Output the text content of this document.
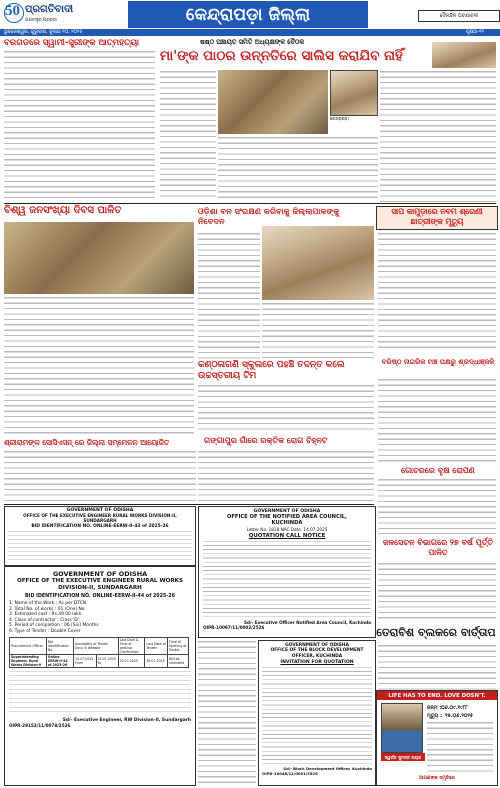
50 ପ୍ରଗତିବାଦୀ
ଗଣତନ୍ତ୍ର ପ୍ରହରୀ	କେନ୍ଦ୍ରାପଡ଼ା ଜିଲ୍ଲା	ଦୈନନ୍ଦିନ ଘଟଣାବଳୀ
ଭୁବନେଶ୍ୱର, ଗୁରୁବାର, ଜୁଲାଇ ୧୦, ୨୦୨୫	ପୃଷ୍ଠା-୧୨
ବରଗଡରେ ସ୍ୱାମୀ-ସ୍ତ୍ରୀଙ୍କ ଆତ୍ମହତ୍ୟା	ଷଷ୍ଠ ପଞ୍ଚାୟତ ସମିତି ଅଧ୍ୟକ୍ଷଙ୍କ ବୈଠକ
ମା'ଙ୍କ ପାଠର ଉନ୍ନତିରେ ସାଲିସ କରାଯିବ ନାହିଁ
କେନ୍ଦ୍ରାପଡ଼ା
ବିଶ୍ୱ ଜନସଂଖ୍ୟା ଦିବସ ପାଳିତ	ଓଡ଼ିଶା ବନ ସଂରକ୍ଷଣ କରିବାକୁ ଜିଲ୍ଲାପାଳଙ୍କୁ ନିବେଦନ
ସାପ କାମୁଡ଼ାରେ ନବମ ଶ୍ରେଣୀ ଛାତ୍ରୀଙ୍କ ମୃତ୍ୟୁ
କଣ୍ଠଳାଗଣି ସ୍କୁଲରେ ପହଞ୍ଚି ତଦନ୍ତ କଲେ ଉଚ୍ଚସ୍ତରୀୟ ଟିମ
ବରିଷ୍ଠ ନାଗରିକ ମଞ୍ଚ ପକ୍ଷରୁ ଶ୍ରଦ୍ଧାଞ୍ଜଳି
ଶ୍ରୀରାମଙ୍କ ସୋସିଏସନ୍ ରେ ଜିଲ୍ଲା ସମ୍ମେଳନ ଆୟୋଜିତ	ଗଙ୍ଗାପୁର ଗାଁରେ ରକ୍ତିକ ରୋଗ ଚିହ୍ନଟ
ଗୋଚରରେ ବୃକ୍ଷ ରୋପଣ
ଜଳସେଚନ ବିଭାଗରେ ୨୭ ବର୍ଷ ପୂର୍ତ୍ତି ପାଳିତ
GOVERNMENT OF ODISHA
OFFICE OF THE EXECUTIVE ENGINEER RURAL WORKS DIVISION-II, SUNDARGARH
BID IDENTIFICATION NO. ONLINE-EERW-II-43 of 2025-26
GOVERNMENT OF ODISHA
OFFICE OF THE EXECUTIVE ENGINEER RURAL WORKS DIVISION-II, SUNDARGARH
BID IDENTIFICATION NO. ONLINE-EERW-II-44 of 2025-26
1. Name of the Work : As per DTCN
2. Total No. of works : 01 (One) No.
3. Estimated cost : Rs.49.00 lakh
4. Class of contractor : Class 'D'
5. Period of completion : 06 (Six) Months
6. Type of Tender : Double Cover
Procurement Officer	Bid Identification No.	Availability of Tender Docs in Website		Last Date & Time of seeking Clarification	Last Date of Tender	Time of Opening of Tender
Superintending Engineer, Rural Works Division-II	Online EERW-II-44 of 2025-26	15.07.2025 From	21.07.2025 To	29.07.2025	30.07.2025	Will be intimated
Sd/- Executive Engineer, RW Division-II, Sundargarh
OIPR-29153/11/0078/2526
GOVERNMENT OF ODISHA
OFFICE OF THE NOTIFIED AREA COUNCIL, KUCHINDA
Letter No. 1818 NAC Date. 14.07.2025
QUOTATION CALL NOTICE
Sd/- Executive Officer Notified Area Council, Kuchinda
OIPR-10097/11/0002/2526
GOVERNMENT OF ODISHA
OFFICE OF THE BLOCK DEVELOPMENT OFFICER, KUCHINDA
INVITATION FOR QUOTATION
Sd/- Block Development Officer, Kuchinda
OIPR-10048/11/0001/2526
ତେରାବିଶ ବ୍ଲକରେ ବାର୍ତ୍ତାପ
LIFE HAS TO END. LOVE DOSN'T.
ଜନ୍ମ : ୦୬.୦୯.୧୯୮୮
ମୃତ୍ୟୁ : ୧୫.୦୬.୨୦୨୫
ସ୍ୱର୍ଗତ ସୁମନ୍ତ ନାୟକ
ଆପଣଙ୍କ ସ୍ମୃତିରେ
